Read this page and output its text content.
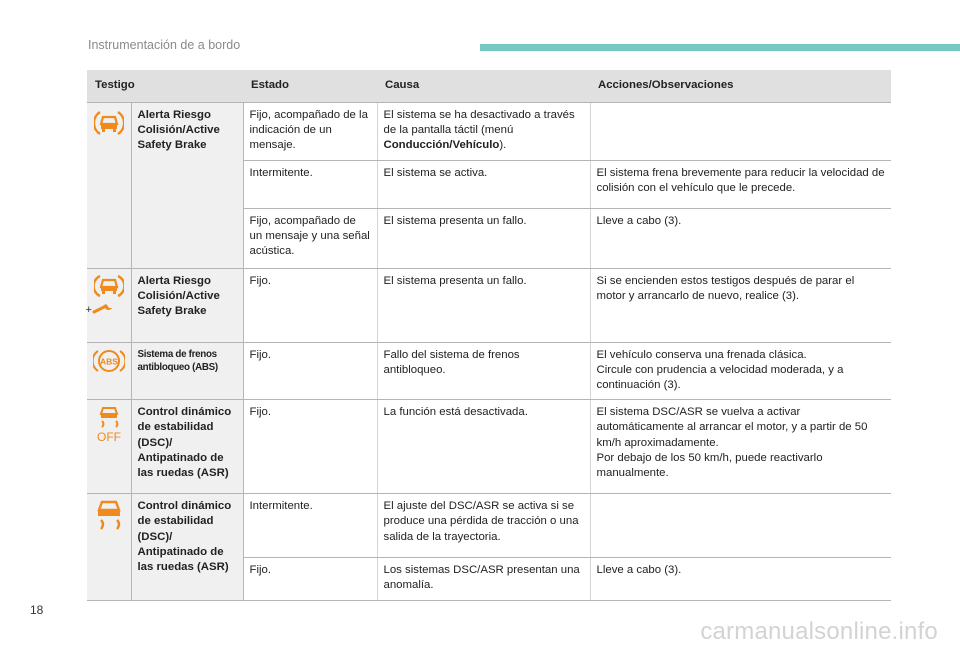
Instrumentación de a bordo
Testigo		Estado	Causa	Acciones/Observaciones

	Alerta Riesgo Colisión/Active Safety Brake	Fijo, acompañado de la indicación de un mensaje.	El sistema se ha desactivado a través de la pantalla táctil (menú Conducción/Vehículo).	
		Intermitente.	El sistema se activa.	El sistema frena brevemente para reducir la velocidad de colisión con el vehículo que le precede.
		Fijo, acompañado de un mensaje y una señal acústica.	El sistema presenta un fallo.	Lleve a cabo (3).

+	Alerta Riesgo Colisión/Active Safety Brake	Fijo.	El sistema presenta un fallo.	Si se encienden estos testigos después de parar el motor y arrancarlo de nuevo, realice (3).

ABS	Sistema de frenos antibloqueo (ABS)	Fijo.	Fallo del sistema de frenos antibloqueo.	El vehículo conserva una frenada clásica.
Circule con prudencia a velocidad moderada, y a continuación (3).

OFF	Control dinámico de estabilidad (DSC)/ Antipatinado de las ruedas (ASR)	Fijo.	La función está desactivada.	El sistema DSC/ASR se vuelva a activar automáticamente al arrancar el motor, y a partir de 50 km/h aproximadamente.
Por debajo de los 50 km/h, puede reactivarlo manualmente.

	Control dinámico de estabilidad (DSC)/ Antipatinado de las ruedas (ASR)	Intermitente.	El ajuste del DSC/ASR se activa si se produce una pérdida de tracción o una salida de la trayectoria.	
		Fijo.	Los sistemas DSC/ASR presentan una anomalía.	Lleve a cabo (3).
18
carmanualsonline.info
